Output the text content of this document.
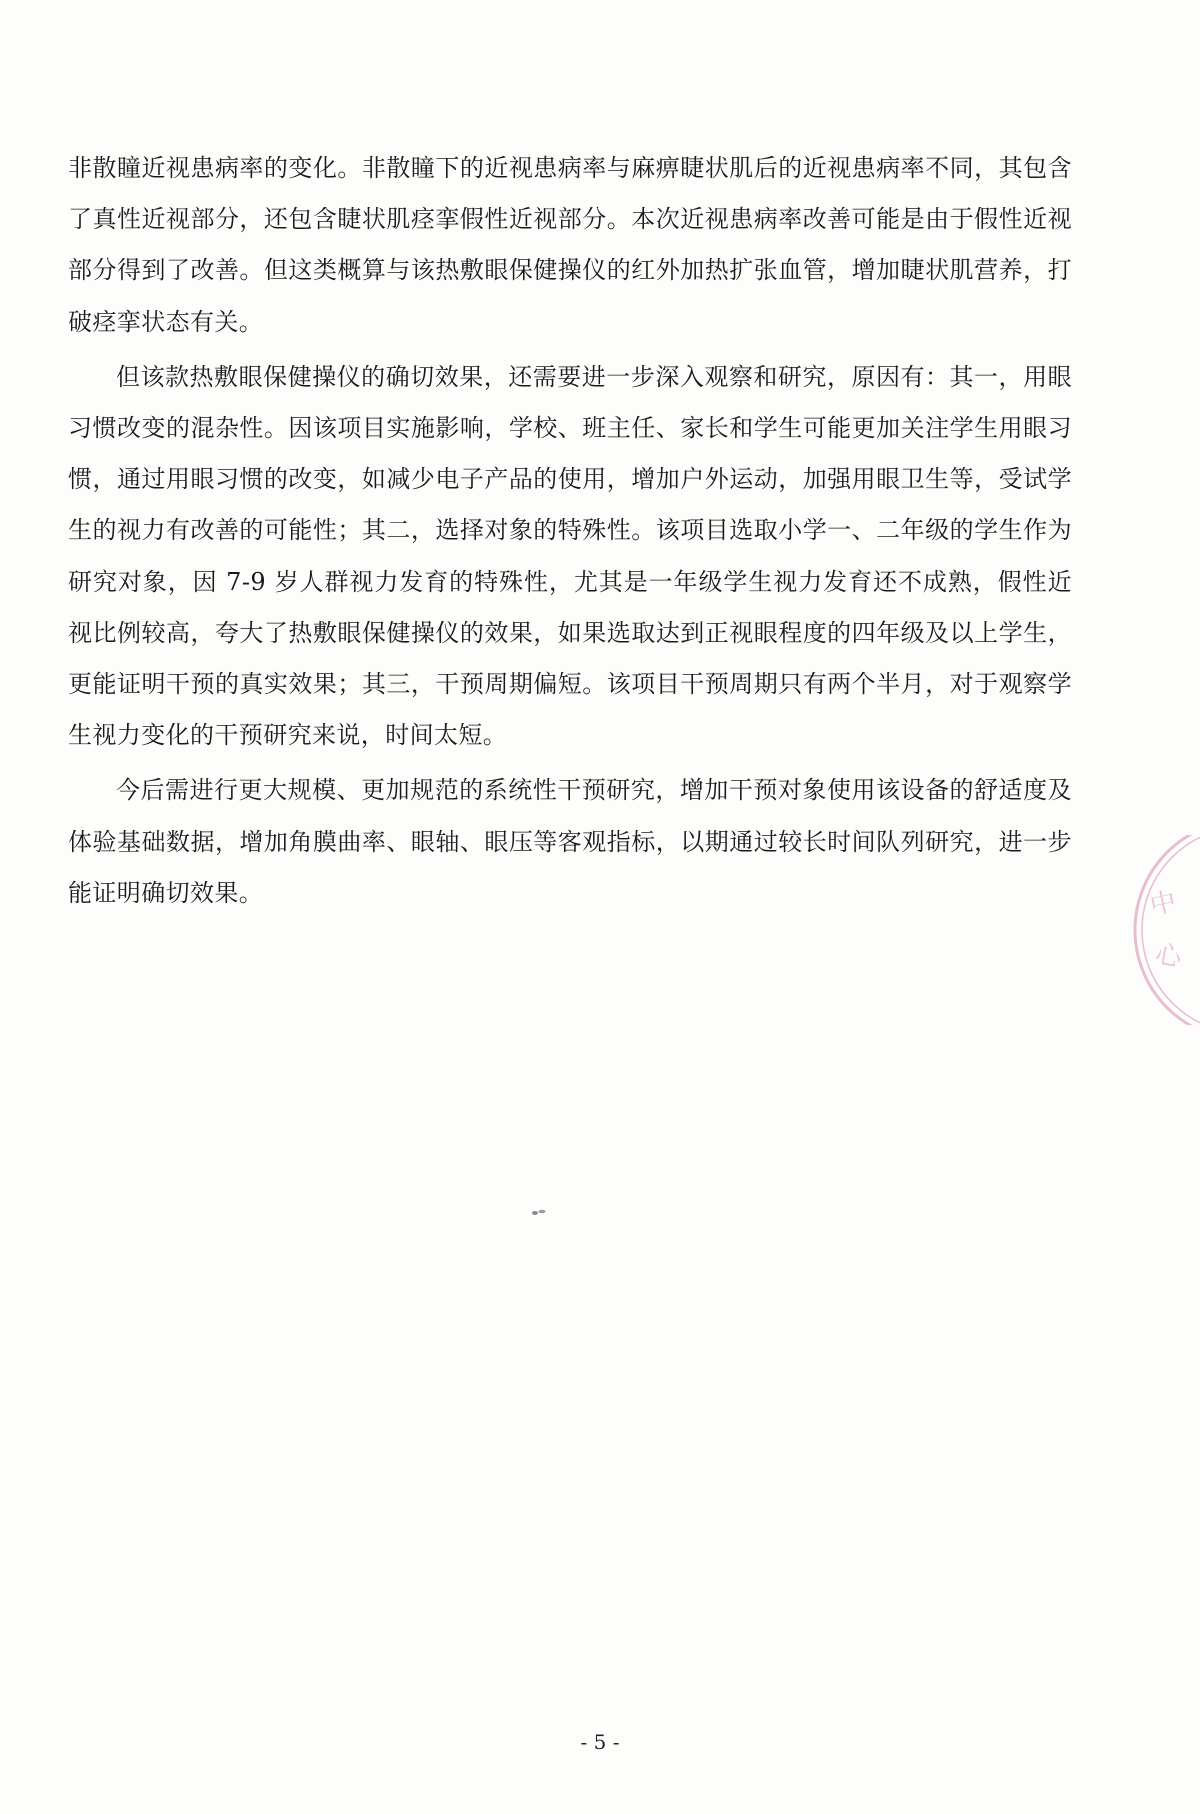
非散瞳近视患病率的变化。非散瞳下的近视患病率与麻痹睫状肌后的近视患病率不同，其包含了真性近视部分，还包含睫状肌痉挛假性近视部分。本次近视患病率改善可能是由于假性近视部分得到了改善。但这类概算与该热敷眼保健操仪的红外加热扩张血管，增加睫状肌营养，打破痉挛状态有关。

但该款热敷眼保健操仪的确切效果，还需要进一步深入观察和研究，原因有：其一，用眼习惯改变的混杂性。因该项目实施影响，学校、班主任、家长和学生可能更加关注学生用眼习惯，通过用眼习惯的改变，如减少电子产品的使用，增加户外运动，加强用眼卫生等，受试学生的视力有改善的可能性；其二，选择对象的特殊性。该项目选取小学一、二年级的学生作为研究对象，因 7-9 岁人群视力发育的特殊性，尤其是一年级学生视力发育还不成熟，假性近视比例较高，夸大了热敷眼保健操仪的效果，如果选取达到正视眼程度的四年级及以上学生，更能证明干预的真实效果；其三，干预周期偏短。该项目干预周期只有两个半月，对于观察学生视力变化的干预研究来说，时间太短。

今后需进行更大规模、更加规范的系统性干预研究，增加干预对象使用该设备的舒适度及体验基础数据，增加角膜曲率、眼轴、眼压等客观指标，以期通过较长时间队列研究，进一步能证明确切效果。	中
心
- 5 -
